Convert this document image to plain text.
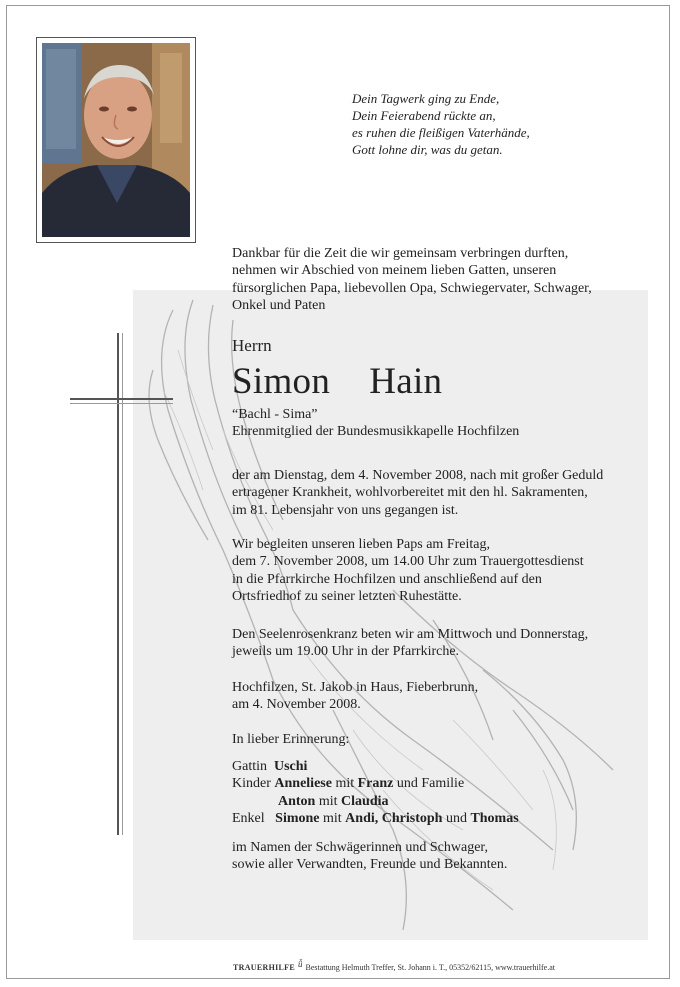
Dein Tagwerk ging zu Ende,
Dein Feierabend rückte an,
es ruhen die fleißigen Vaterhände,
Gott lohne dir, was du getan.
Dankbar für die Zeit die wir gemeinsam verbringen durften,
nehmen wir Abschied von meinem lieben Gatten, unseren
fürsorglichen Papa, liebevollen Opa, Schwiegervater, Schwager,
Onkel und Paten
Herrn
Simon  Hain
“Bachl - Sima”
Ehrenmitglied der Bundesmusikkapelle Hochfilzen
der am Dienstag, dem 4. November 2008, nach mit großer Geduld
ertragener Krankheit, wohlvorbereitet mit den hl. Sakramenten,
im 81. Lebensjahr von uns gegangen ist.
Wir begleiten unseren lieben Paps am Freitag,
dem 7. November 2008, um 14.00 Uhr zum Trauergottesdienst
in die Pfarrkirche Hochfilzen und anschließend auf den
Ortsfriedhof zu seiner letzten Ruhestätte.
Den Seelenrosenkranz beten wir am Mittwoch und Donnerstag,
jeweils um 19.00 Uhr in der Pfarrkirche.
Hochfilzen, St. Jakob in Haus, Fieberbrunn,
am 4. November 2008.
In lieber Erinnerung:
Gattin Uschi
Kinder Anneliese mit Franz und Familie
Anton mit Claudia
Enkel Simone mit Andi, Christoph und Thomas
im Namen der Schwägerinnen und Schwager,
sowie aller Verwandten, Freunde und Bekannten.
TRAUERHILFE ǚ Bestattung Helmuth Treffer, St. Johann i. T., 05352/62115, www.trauerhilfe.at
